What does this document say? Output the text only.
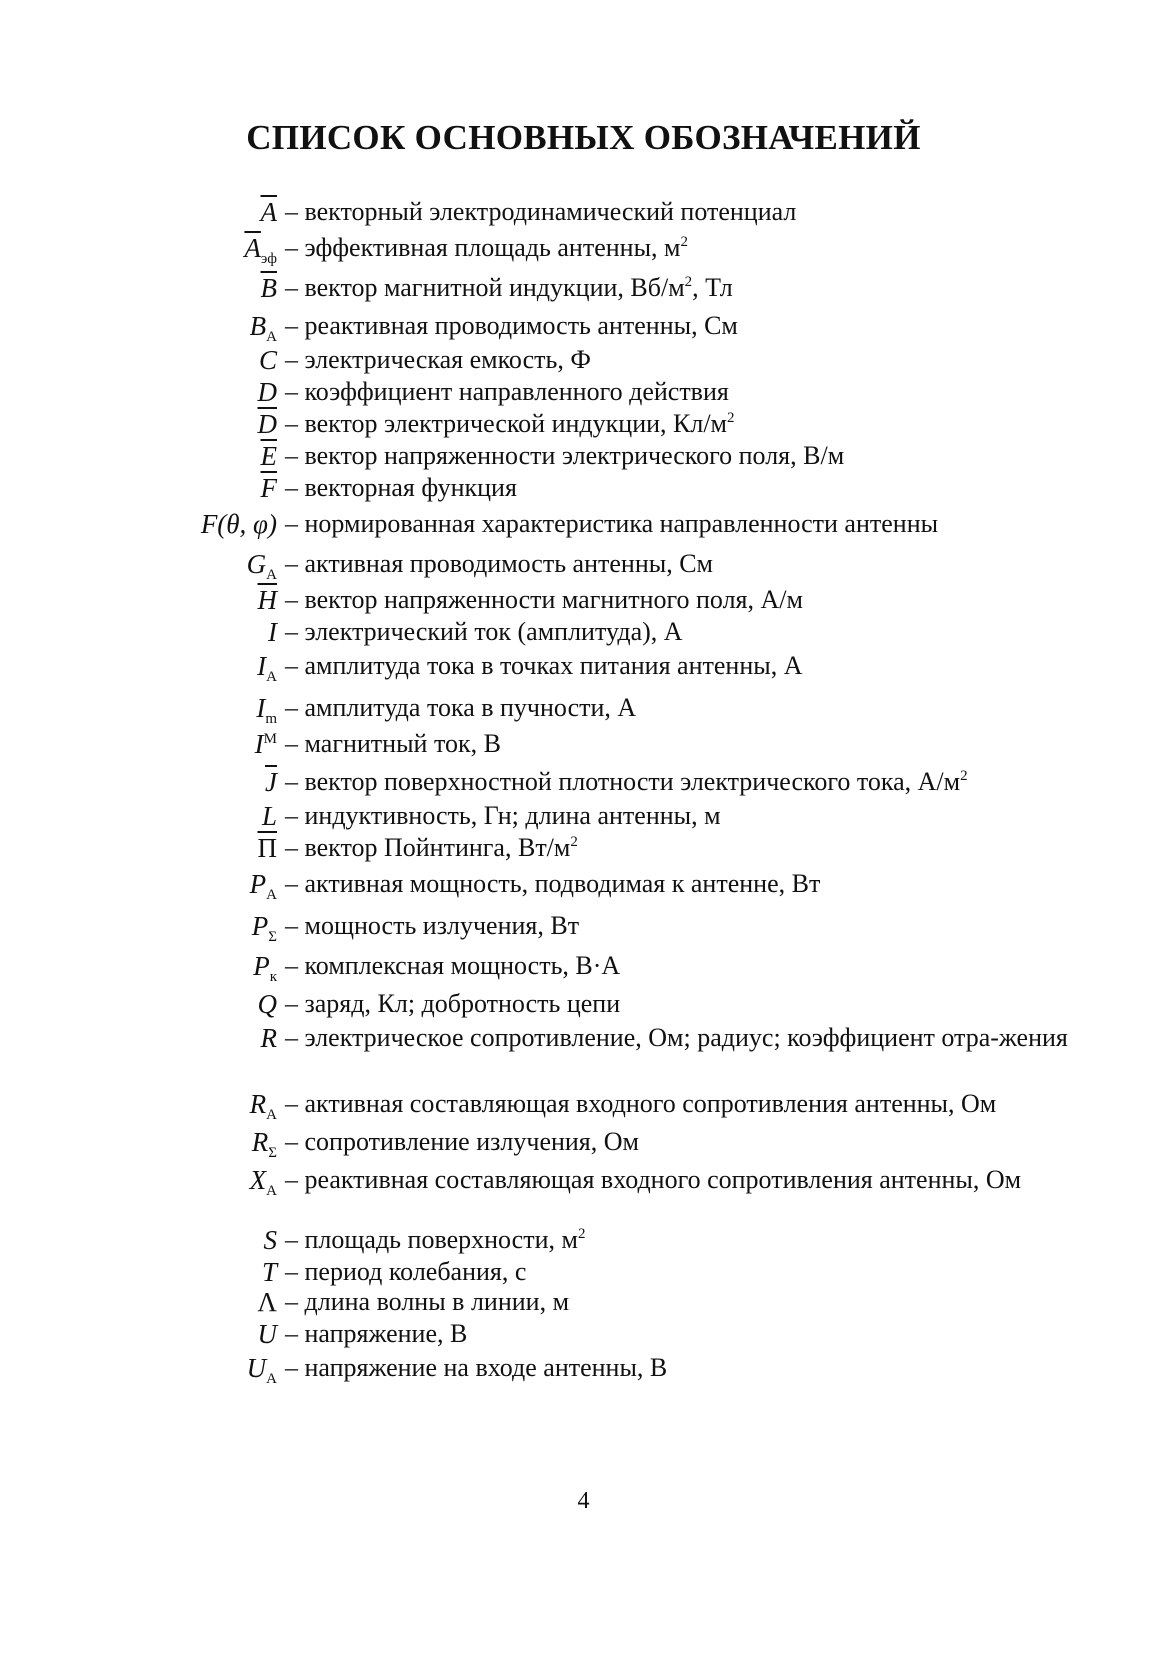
СПИСОК ОСНОВНЫХ ОБОЗНАЧЕНИЙ
$\overline{A}$ – векторный электродинамический потенциал
$\overline{A}_{эф}$ – эффективная площадь антенны, $м^2$
$\overline{B}$ – вектор магнитной индукции, $Вб/м^2$, Тл
$B_А$ – реактивная проводимость антенны, См
C – электрическая емкость, Ф
D – коэффициент направленного действия
$\overline{D}$ – вектор электрической индукции, $Кл/м^2$
$\overline{E}$ – вектор напряженности электрического поля, В/м
$\overline{F}$ – векторная функция
F(θ, φ) – нормированная характеристика направленности антенны
$G_А$ – активная проводимость антенны, См
$\overline{H}$ – вектор напряженности магнитного поля, А/м
I – электрический ток (амплитуда), А
$I_А$ – амплитуда тока в точках питания антенны, А
$I_m$ – амплитуда тока в пучности, А
$I^М$ – магнитный ток, В
$\overline{J}$ – вектор поверхностной плотности электрического тока, $А/м^2$
L – индуктивность, Гн; длина антенны, м
$\overline{\Pi}$ – вектор Пойнтинга, $Вт/м^2$
$P_А$ – активная мощность, подводимая к антенне, Вт
$P_\Sigma$ – мощность излучения, Вт
$P_к$ – комплексная мощность, В·А
Q – заряд, Кл; добротность цепи
R – электрическое сопротивление, Ом; радиус; коэффициент отра-жения
$R_А$ – активная составляющая входного сопротивления антенны, Ом
$R_\Sigma$ – сопротивление излучения, Ом
$X_А$ – реактивная составляющая входного сопротивления антенны, Ом
S – площадь поверхности, $м^2$
T – период колебания, с
Λ – длина волны в линии, м
U – напряжение, В
$U_А$ – напряжение на входе антенны, В
4
